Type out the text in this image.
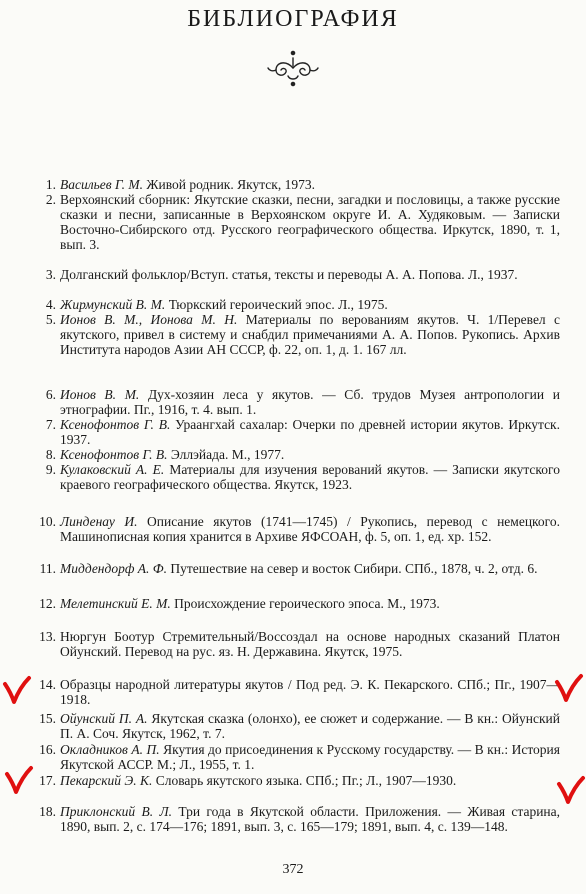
БИБЛИОГРАФИЯ
1. Васильев Г. М. Живой родник. Якутск, 1973.
2. Верхоянский сборник: Якутские сказки, песни, загадки и пословицы, а также русские сказки и песни, записанные в Верхоянском округе И. А. Худяковым. — Записки Восточно-Сибирского отд. Русского географического общества. Иркутск, 1890, т. 1, вып. 3.
3. Долганский фольклор/Вступ. статья, тексты и переводы А. А. Попова. Л., 1937.
4. Жирмунский В. М. Тюркский героический эпос. Л., 1975.
5. Ионов В. М., Ионова М. Н. Материалы по верованиям якутов. Ч. 1/Перевел с якутского, привел в систему и снабдил примечаниями А. А. Попов. Рукопись. Архив Института народов Азии АН СССР, ф. 22, оп. 1, д. 1. 167 лл.
6. Ионов В. М. Дух-хозяин леса у якутов. — Сб. трудов Музея антропологии и этнографии. Пг., 1916, т. 4. вып. 1.
7. Ксенофонтов Г. В. Ураангхай сахалар: Очерки по древней истории якутов. Иркутск. 1937.
8. Ксенофонтов Г. В. Эллэйада. М., 1977.
9. Кулаковский А. Е. Материалы для изучения верований якутов. — Записки якутского краевого географического общества. Якутск, 1923.
10. Линденау И. Описание якутов (1741—1745) / Рукопись, перевод с немецкого. Машинописная копия хранится в Архиве ЯФСОАН, ф. 5, оп. 1, ед. хр. 152.
11. Миддендорф А. Ф. Путешествие на север и восток Сибири. СПб., 1878, ч. 2, отд. 6.
12. Мелетинский Е. М. Происхождение героического эпоса. М., 1973.
13. Нюргун Боотур Стремительный/Воссоздал на основе народных сказаний Платон Ойунский. Перевод на рус. яз. Н. Державина. Якутск, 1975.
14. Образцы народной литературы якутов / Под ред. Э. К. Пекарского. СПб.; Пг., 1907—1918.
15. Ойунский П. А. Якутская сказка (олонхо), ее сюжет и содержание. — В кн.: Ойунский П. А. Соч. Якутск, 1962, т. 7.
16. Окладников А. П. Якутия до присоединения к Русскому государству. — В кн.: История Якутской АССР. М.; Л., 1955, т. 1.
17. Пекарский Э. К. Словарь якутского языка. СПб.; Пг.; Л., 1907—1930.
18. Приклонский В. Л. Три года в Якутской области. Приложения. — Живая старина, 1890, вып. 2, с. 174—176; 1891, вып. 3, с. 165—179; 1891, вып. 4, с. 139—148.
372
